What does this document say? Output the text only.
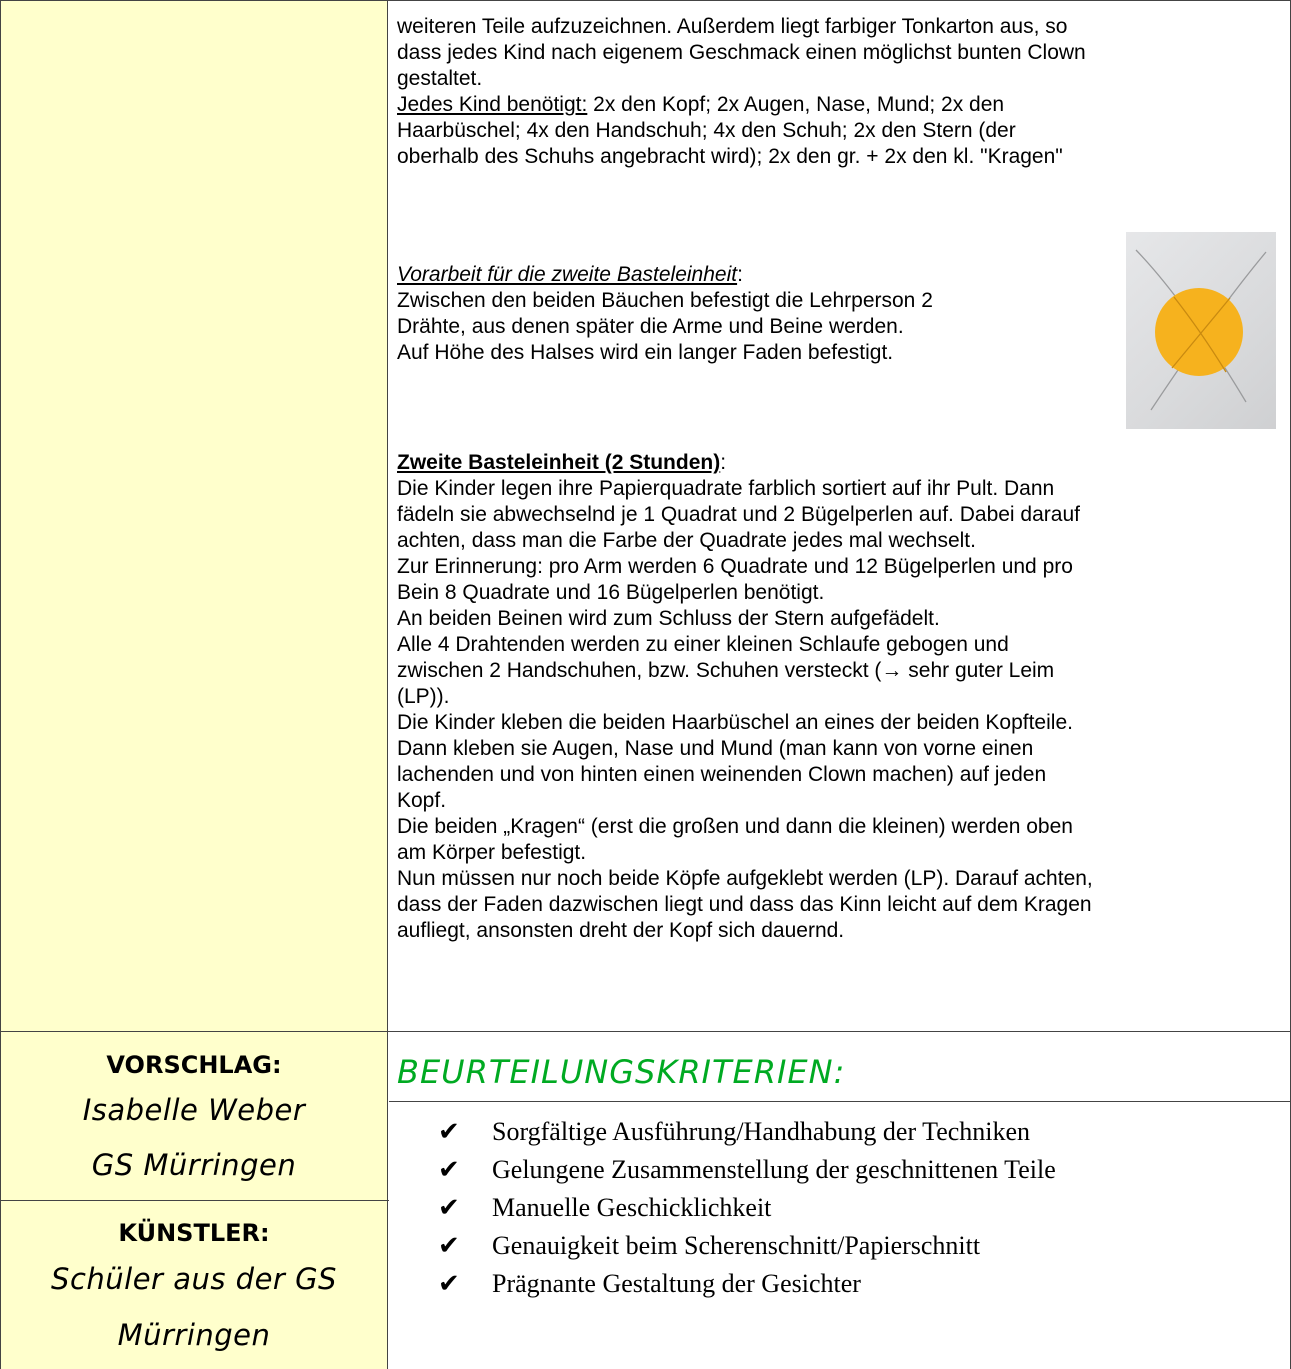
weiteren Teile aufzuzeichnen. Außerdem liegt farbiger Tonkarton aus, so

dass jedes Kind nach eigenem Geschmack einen möglichst bunten Clown

gestaltet.

Jedes Kind benötigt: 2x den Kopf; 2x Augen, Nase, Mund; 2x den

Haarbüschel; 4x den Handschuh; 4x den Schuh; 2x den Stern (der

oberhalb des Schuhs angebracht wird); 2x den gr. + 2x den kl. "Kragen"

Vorarbeit für die zweite Basteleinheit:

Zwischen den beiden Bäuchen befestigt die Lehrperson 2

Drähte, aus denen später die Arme und Beine werden.

Auf Höhe des Halses wird ein langer Faden befestigt.

Zweite Basteleinheit (2 Stunden):

Die Kinder legen ihre Papierquadrate farblich sortiert auf ihr Pult. Dann

fädeln sie abwechselnd je 1 Quadrat und 2 Bügelperlen auf. Dabei darauf

achten, dass man die Farbe der Quadrate jedes mal wechselt.

Zur Erinnerung: pro Arm werden 6 Quadrate und 12 Bügelperlen und pro

Bein 8 Quadrate und 16 Bügelperlen benötigt.

An beiden Beinen wird zum Schluss der Stern aufgefädelt.

Alle 4 Drahtenden werden zu einer kleinen Schlaufe gebogen und

zwischen 2 Handschuhen, bzw. Schuhen versteckt (→ sehr guter Leim

(LP)).

Die Kinder kleben die beiden Haarbüschel an eines der beiden Kopfteile.

Dann kleben sie Augen, Nase und Mund (man kann von vorne einen

lachenden und von hinten einen weinenden Clown machen) auf jeden

Kopf.

Die beiden „Kragen“ (erst die großen und dann die kleinen) werden oben

am Körper befestigt.

Nun müssen nur noch beide Köpfe aufgeklebt werden (LP). Darauf achten,

dass der Faden dazwischen liegt und dass das Kinn leicht auf dem Kragen

aufliegt, ansonsten dreht der Kopf sich dauernd.

VORSCHLAG:
Isabelle Weber
GS Mürringen
KÜNSTLER:
Schüler aus der GS
Mürringen
BEURTEILUNGSKRITERIEN:
✔	Sorgfältige Ausführung/Handhabung der Techniken
✔	Gelungene Zusammenstellung der geschnittenen Teile
✔	Manuelle Geschicklichkeit
✔	Genauigkeit beim Scherenschnitt/Papierschnitt
✔	Prägnante Gestaltung der Gesichter
